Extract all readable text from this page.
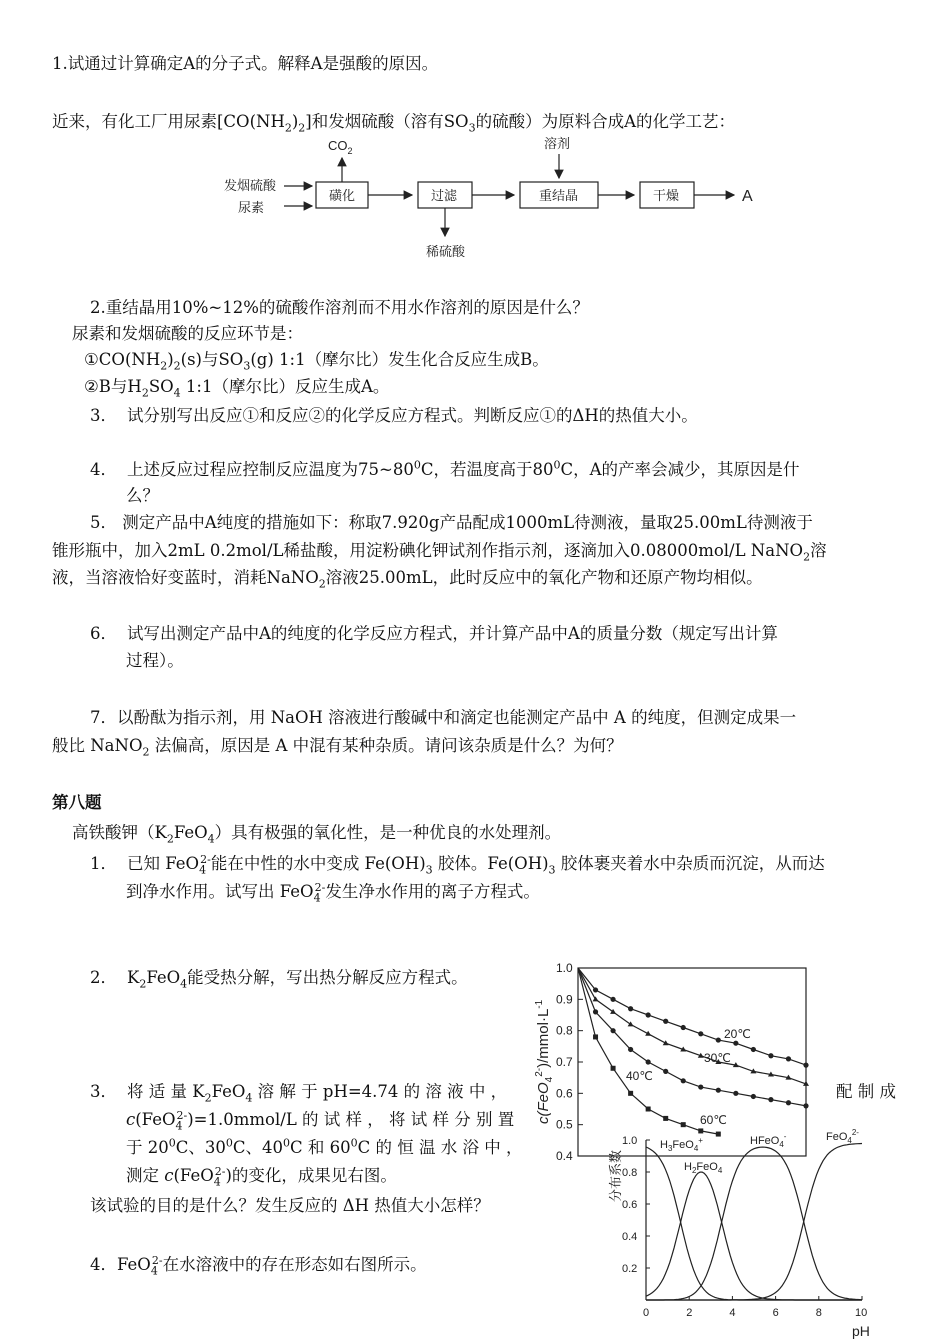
1.试通过计算确定A的分子式。解释A是强酸的原因。
近来，有化工厂用尿素$[CO(NH_2)_2]$和发烟硫酸（溶有$SO_3$的硫酸）为原料合成A的化学工艺：
发烟硫酸
尿素
磺化
$CO_2$
过滤
稀硫酸
重结晶
溶剂
干燥	A
2.重结晶用10%~12%的硫酸作溶剂而不用水作溶剂的原因是什么？
尿素和发烟硫酸的反应环节是：
$①CO(NH_2)_2(s)$与$SO_3(g)$ 1:1（摩尔比）发生化合反应生成B。
②B与$H_2SO_4$ 1:1（摩尔比）反应生成A。
3． 试分别写出反应①和反应②的化学反应方程式。判断反应①的ΔH的热值大小。
4． 上述反应过程应控制反应温度为$75\sim 80^0C$，若温度高于$80^0C$，A的产率会减少，其原因是什
么？
5． 测定产品中A纯度的措施如下：称取7.920g产品配成1000mL待测液，量取25.00mL待测液于
锥形瓶中，加入2mL 0.2mol/L稀盐酸，用淀粉碘化钾试剂作指示剂，逐滴加入0.08000mol/L NaNO$_2$溶
液，当溶液恰好变蓝时，消耗NaNO$_2$溶液25.00mL，此时反应中的氧化产物和还原产物均相似。
6． 试写出测定产品中A的纯度的化学反应方程式，并计算产品中A的质量分数（规定写出计算
过程）。
7．以酚酞为指示剂，用 NaOH 溶液进行酸碱中和滴定也能测定产品中 A 的纯度，但测定成果一
般比 NaNO$_2$ 法偏高，原因是 A 中混有某种杂质。请问该杂质是什么？为何？
第八题
高铁酸钾$(K_2FeO_4)$具有极强的氧化性，是一种优良的水处理剂。
1． 已知 FeO$_4^{2-}$能在中性的水中变成 $Fe(OH)_3$ 胶体。$Fe(OH)_3$ 胶体裹夹着水中杂质而沉淀，从而达
到净水作用。试写出 FeO$_4^{2-}$发生净水作用的离子方程式。
2． $K_2FeO_4$能受热分解，写出热分解反应方程式。
3． 将 适 量 $K_2FeO_4$ 溶 解 于 pH=4.74 的 溶 液 中 ，	配 制 成
c(FeO$_4^{2-}$)=1.0mmol/L 的 试 样 ， 将 试 样 分 别 置
于 $20^0C$、$30^0C$、$40^0C$ 和 $60^0C$ 的 恒 温 水 浴 中 ，
测定 c(FeO$_4^{2-}$)的变化，成果见右图。
该试验的目的是什么？发生反应的 ΔH 热值大小怎样？
4．FeO$_4^{2-}$在水溶液中的存在形态如右图所示。
1.0
0.9
0.8
0.7
0.6
0.5
0.4
20℃
30℃
40℃
60℃
$c(FeO_4^{2-})/mmol\cdot L^{-1}$
1.0
0.8
0.6
0.4
0.2
0	2	4	6	8	10
$H_3FeO_4^+$
$H_2FeO_4$
HFeO$_4$-	FeO$_4^{2-}$
分布系数
pH
